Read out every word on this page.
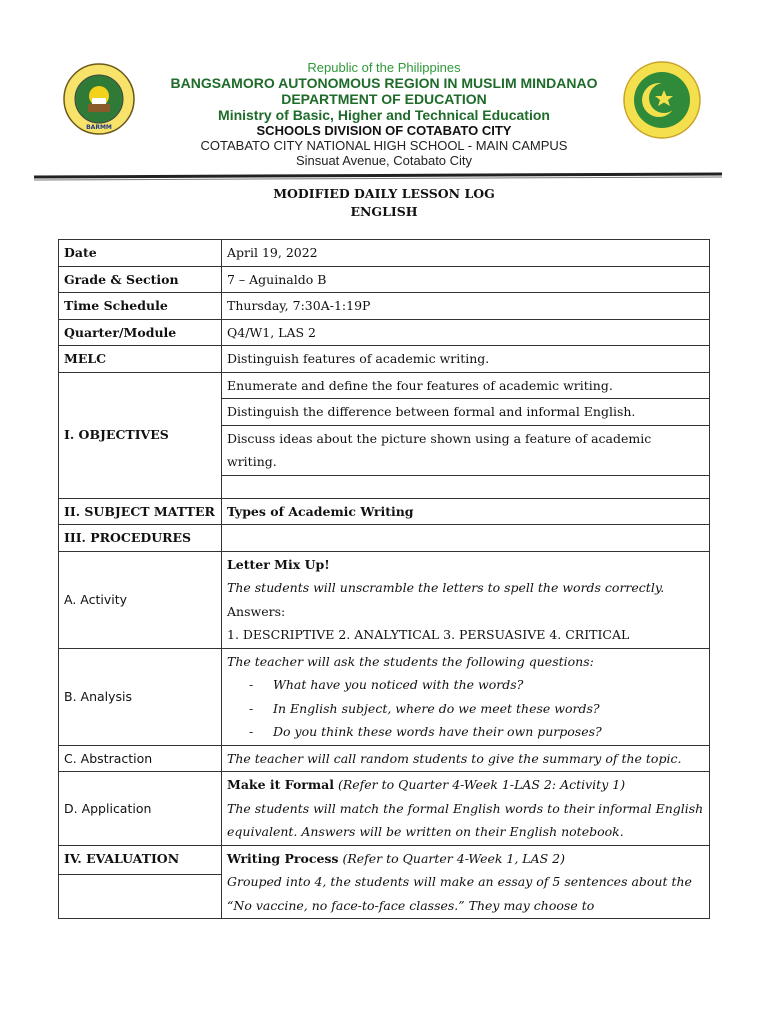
BARMM
Republic of the Philippines
BANGSAMORO AUTONOMOUS REGION IN MUSLIM MINDANAO
DEPARTMENT OF EDUCATION
Ministry of Basic, Higher and Technical Education
SCHOOLS DIVISION OF COTABATO CITY
COTABATO CITY NATIONAL HIGH SCHOOL - MAIN CAMPUS
Sinsuat Avenue, Cotabato City
MODIFIED DAILY LESSON LOG
ENGLISH
Date	April 19, 2022
Grade & Section	7 – Aguinaldo B
Time Schedule	Thursday, 7:30A-1:19P
Quarter/Module	Q4/W1, LAS 2
MELC	Distinguish features of academic writing.
I. OBJECTIVES	Enumerate and define the four features of academic writing.
	Distinguish the difference between formal and informal English.
	Discuss ideas about the picture shown using a feature of academic writing.

II. SUBJECT MATTER	Types of Academic Writing
III. PROCEDURES	
A. Activity	Letter Mix Up!
The students will unscramble the letters to spell the words correctly.
Answers:
1. DESCRIPTIVE 2. ANALYTICAL 3. PERSUASIVE 4. CRITICAL

B. Analysis	The teacher will ask the students the following questions:
- What have you noticed with the words?
- In English subject, where do we meet these words?
- Do you think these words have their own purposes?

C. Abstraction	The teacher will call random students to give the summary of the topic.
D. Application	Make it Formal (Refer to Quarter 4-Week 1-LAS 2: Activity 1)
The students will match the formal English words to their informal English equivalent. Answers will be written on their English notebook.

IV. EVALUATION	Writing Process (Refer to Quarter 4-Week 1, LAS 2)
Grouped into 4, the students will make an essay of 5 sentences about the “No vaccine, no face-to-face classes.” They may choose to
